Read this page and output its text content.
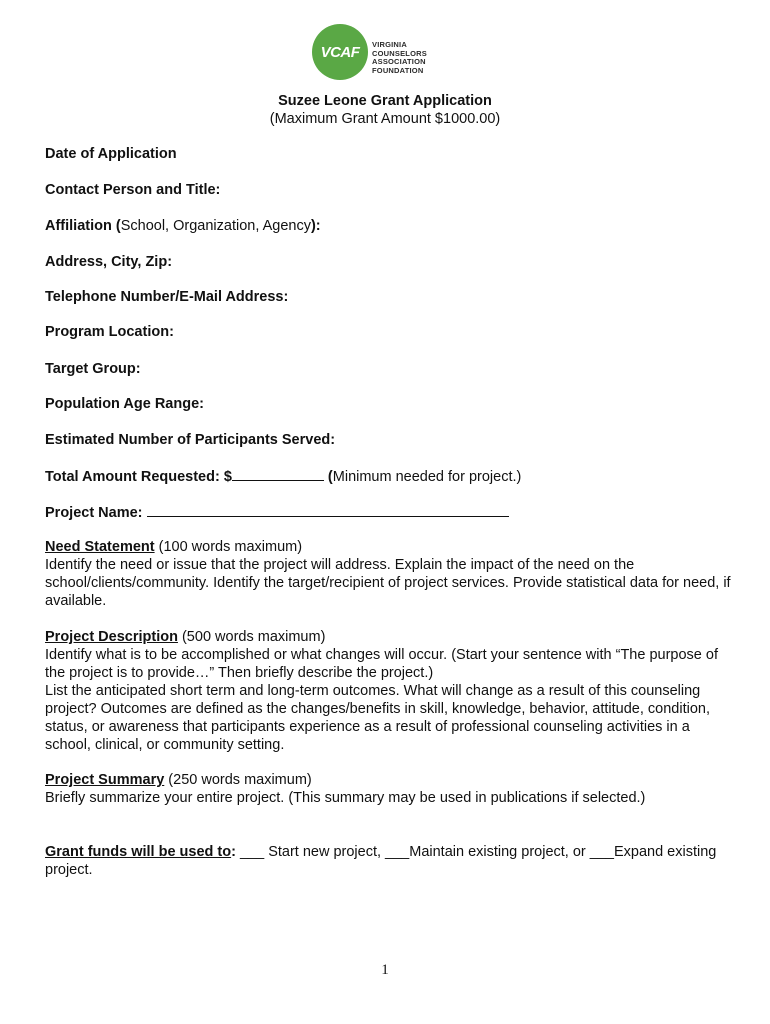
VCAF VIRGINIA
COUNSELORS
ASSOCIATION
FOUNDATION
Suzee Leone Grant Application
(Maximum Grant Amount $1000.00)
Date of Application
Contact Person and Title:
Affiliation (School, Organization, Agency):
Address, City, Zip:
Telephone Number/E-Mail Address:
Program Location:
Target Group:
Population Age Range:
Estimated Number of Participants Served:
Total Amount Requested: $	(Minimum needed for project.)
Project Name:
Need Statement (100 words maximum)
Identify the need or issue that the project will address. Explain the impact of the need on the school/clients/community. Identify the target/recipient of project services. Provide statistical data for need, if available.
Project Description (500 words maximum)
Identify what is to be accomplished or what changes will occur. (Start your sentence with “The purpose of the project is to provide…” Then briefly describe the project.)
List the anticipated short term and long-term outcomes. What will change as a result of this counseling project? Outcomes are defined as the changes/benefits in skill, knowledge, behavior, attitude, condition, status, or awareness that participants experience as a result of professional counseling activities in a school, clinical, or community setting.
Project Summary (250 words maximum)
Briefly summarize your entire project. (This summary may be used in publications if selected.)
Grant funds will be used to: ___ Start new project, ___Maintain existing project, or ___Expand existing project.
1
